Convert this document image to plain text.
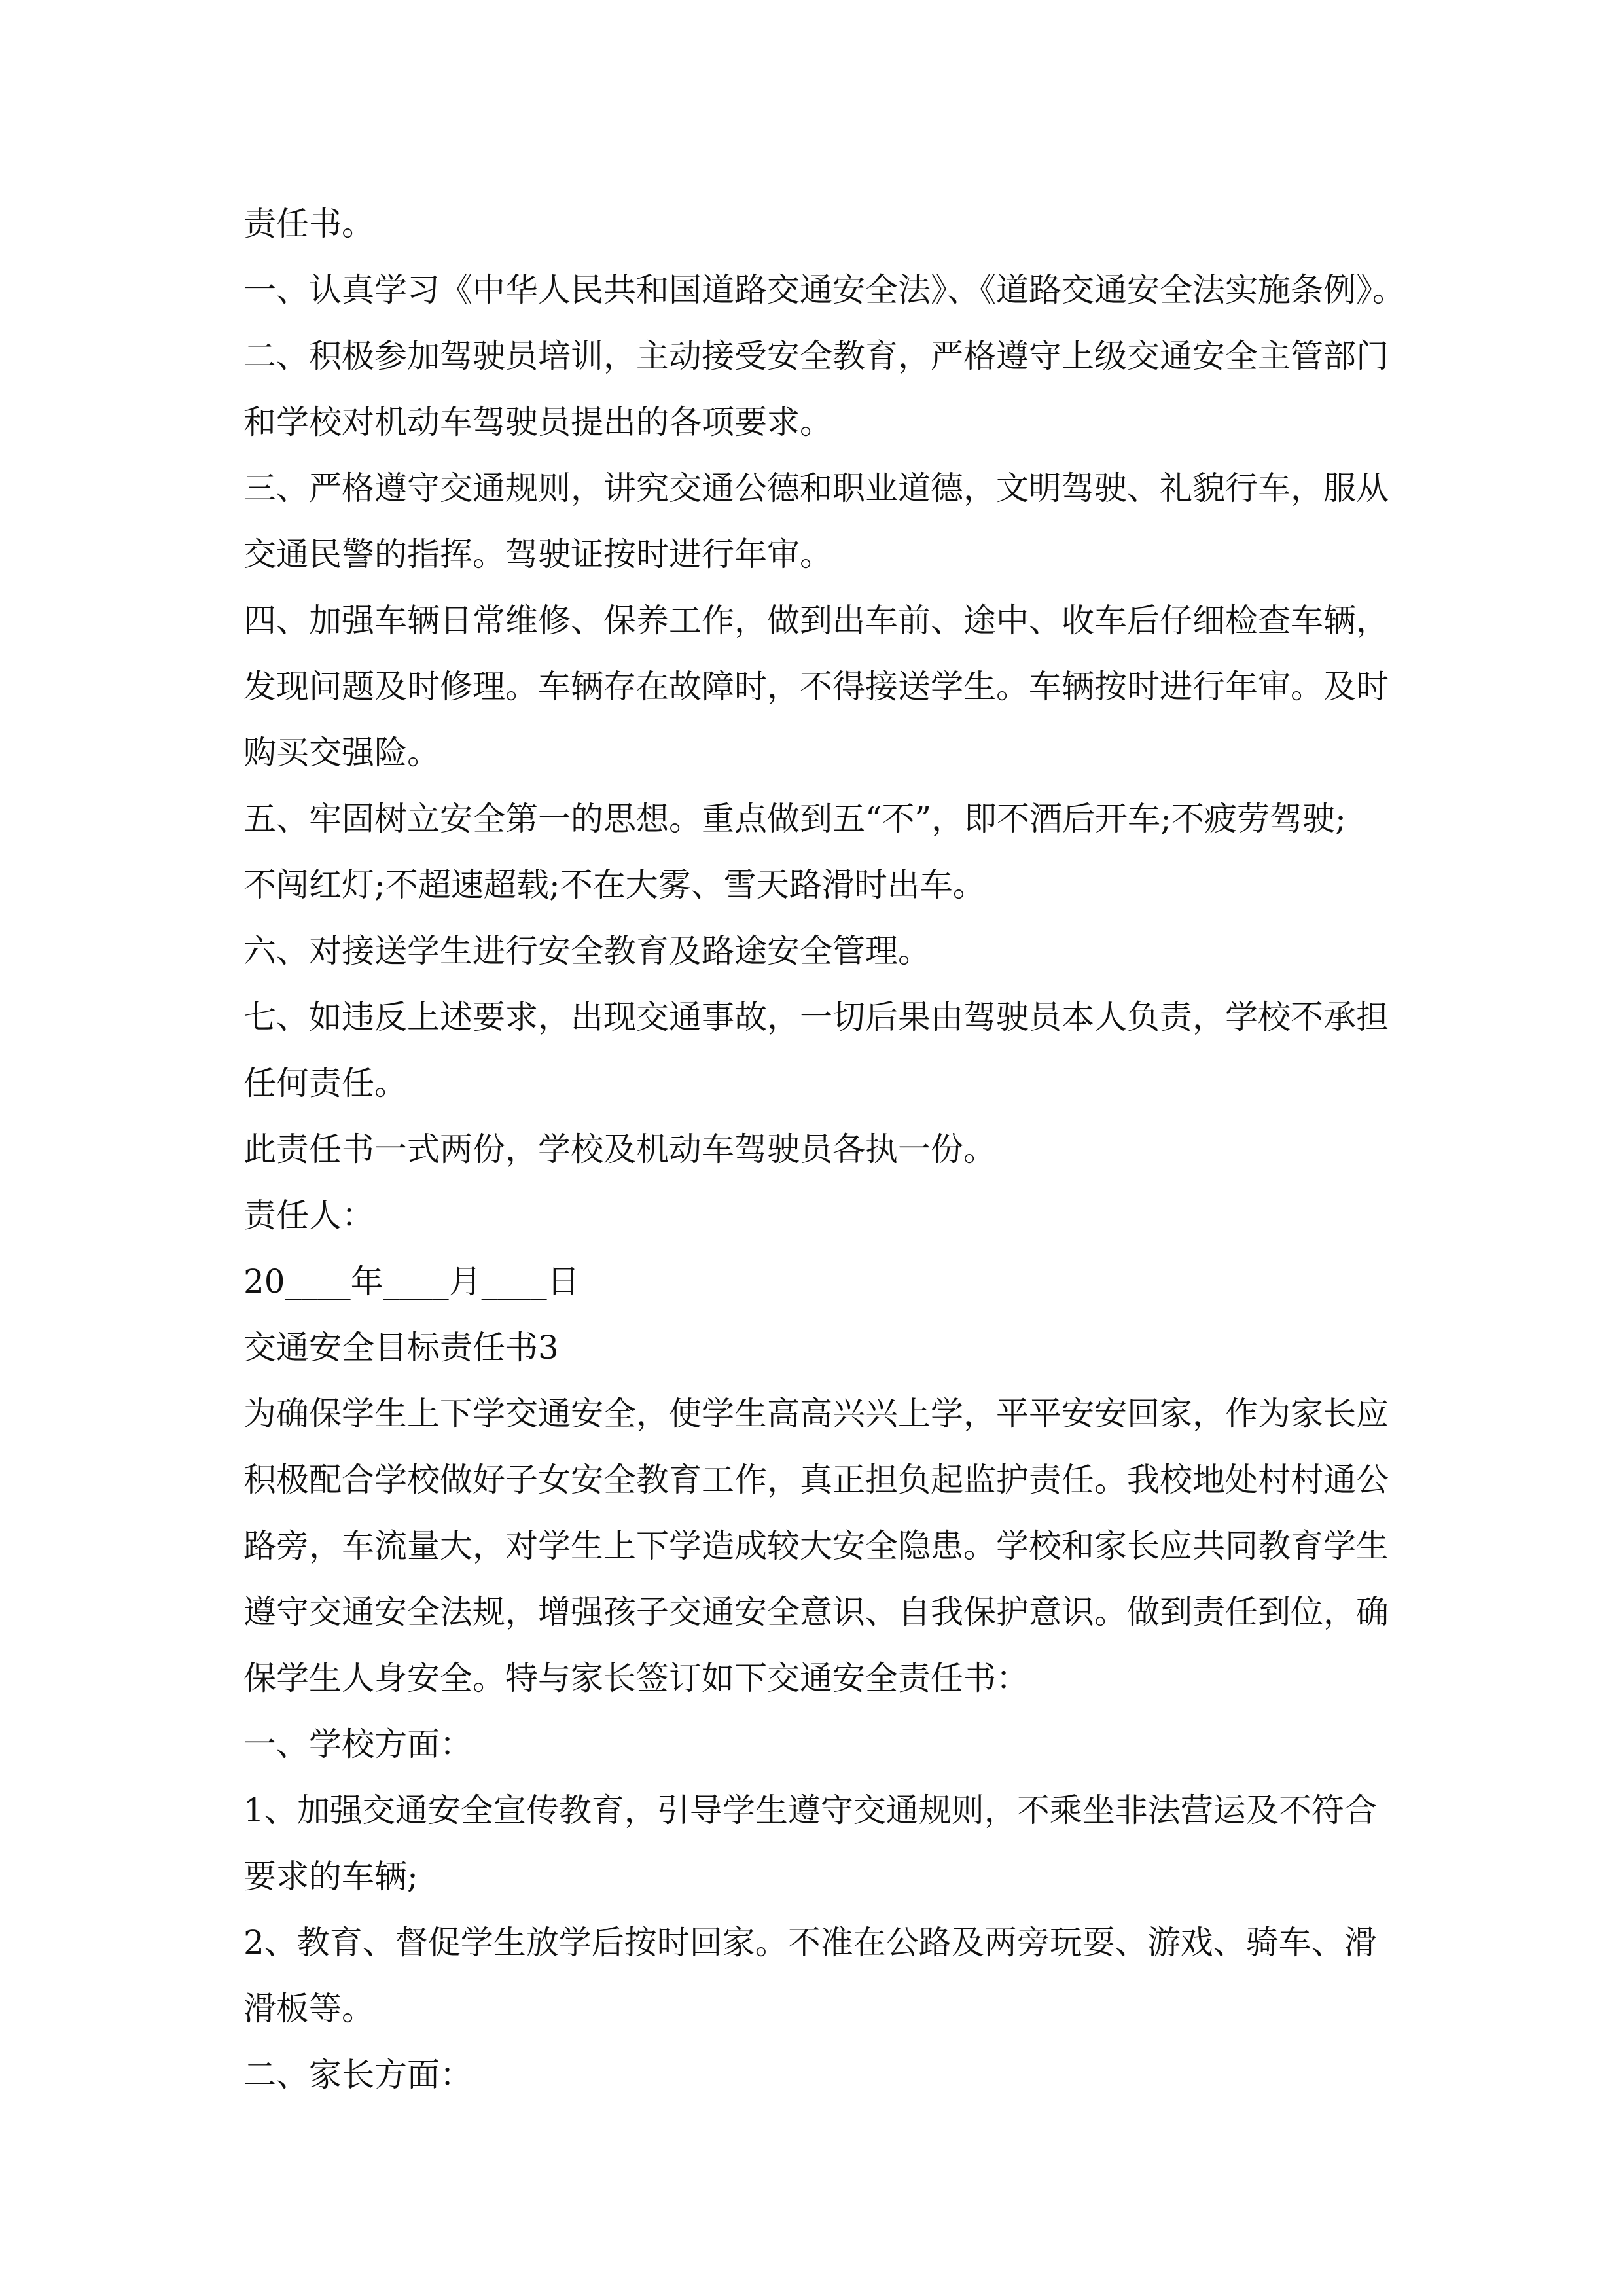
责任书。
一、认真学习《中华人民共和国道路交通安全法》、《道路交通安全法实施条例》。
二、积极参加驾驶员培训，主动接受安全教育，严格遵守上级交通安全主管部门
和学校对机动车驾驶员提出的各项要求。
三、严格遵守交通规则，讲究交通公德和职业道德，文明驾驶、礼貌行车，服从
交通民警的指挥。驾驶证按时进行年审。
四、加强车辆日常维修、保养工作，做到出车前、途中、收车后仔细检查车辆，
发现问题及时修理。车辆存在故障时，不得接送学生。车辆按时进行年审。及时
购买交强险。
五、牢固树立安全第一的思想。重点做到五“不”，即不酒后开车;不疲劳驾驶;
不闯红灯;不超速超载;不在大雾、雪天路滑时出车。
六、对接送学生进行安全教育及路途安全管理。
七、如违反上述要求，出现交通事故，一切后果由驾驶员本人负责，学校不承担
任何责任。
此责任书一式两份，学校及机动车驾驶员各执一份。
责任人：
20____年____月____日
交通安全目标责任书3
为确保学生上下学交通安全，使学生高高兴兴上学，平平安安回家，作为家长应
积极配合学校做好子女安全教育工作，真正担负起监护责任。我校地处村村通公
路旁，车流量大，对学生上下学造成较大安全隐患。学校和家长应共同教育学生
遵守交通安全法规，增强孩子交通安全意识、自我保护意识。做到责任到位，确
保学生人身安全。特与家长签订如下交通安全责任书：
一、学校方面：
1、加强交通安全宣传教育，引导学生遵守交通规则，不乘坐非法营运及不符合
要求的车辆;
2、教育、督促学生放学后按时回家。不准在公路及两旁玩耍、游戏、骑车、滑
滑板等。
二、家长方面：
